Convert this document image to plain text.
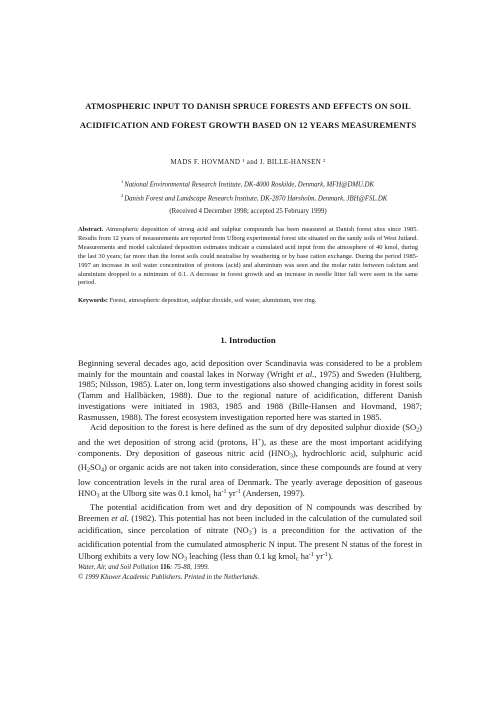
ATMOSPHERIC INPUT TO DANISH SPRUCE FORESTS AND EFFECTS ON SOIL ACIDIFICATION AND FOREST GROWTH BASED ON 12 YEARS MEASUREMENTS
MADS F. HOVMAND ¹ and J. BILLE-HANSEN ²
$^1$National Environmental Research Institute, DK-4000 Roskilde, Denmark, MFH@DMU.DK
$^2$Danish Forest and Landscape Research Institute, DK-2870 Hørsholm, Denmark, JBH@FSL.DK
(Received 4 December 1998; accepted 25 February 1999)
Abstract. Atmospheric deposition of strong acid and sulphur compounds has been measured at Danish forest sites since 1985. Results from 12 years of measurements are reported from Ulborg experimental forest site situated on the sandy soils of West Jutland. Measurements and model calculated deposition estimates indicate a cumulated acid input from the atmosphere of 40 kmol, during the last 30 years; far more than the forest soils could neutralise by weathering or by base cation exchange. During the period 1985-1997 an increase in soil water concentration of protons (acid) and aluminium was seen and the molar ratio between calcium and aluminium dropped to a minimum of 0.1. A decrease in forest growth and an increase in needle litter fall were seen in the same period.
Keywords: Forest, atmospheric deposition, sulphur dioxide, soil water, aluminium, tree ring.
1. Introduction

Beginning several decades ago, acid deposition over Scandinavia was considered to be a problem mainly for the mountain and coastal lakes in Norway (Wright et al., 1975) and Sweden (Hultberg, 1985; Nilsson, 1985). Later on, long term investigations also showed changing acidity in forest soils (Tamm and Hallbäcken, 1988). Due to the regional nature of acidification, different Danish investigations were initiated in 1983, 1985 and 1988 (Bille-Hansen and Hovmand, 1987; Rasmussen, 1988). The forest ecosystem investigation reported here was started in 1985.

Acid deposition to the forest is here defined as the sum of dry deposited sulphur dioxide (SO2) and the wet deposition of strong acid (protons, H+), as these are the most important acidifying components. Dry deposition of gaseous nitric acid (HNO3), hydrochloric acid, sulphuric acid (H2SO4) or organic acids are not taken into consideration, since these compounds are found at very low concentration levels in the rural area of Denmark. The yearly average deposition of gaseous HNO3 at the Ulborg site was 0.1 kmolc $ha^{-1}$ $yr^{-1}$ (Andersen, 1997).

The potential acidification from wet and dry deposition of N compounds was described by Breemen et al. (1982). This potential has not been included in the calculation of the cumulated soil acidification, since percolation of nitrate (NO3-) is a precondition for the activation of the acidification potential from the cumulated atmospheric N input. The present N status of the forest in Ulborg exhibits a very low NO3 leaching (less than 0.1 kg kmolc $ha^{-1}$ $yr^{-1}$).

Water, Air, and Soil Pollution 116: 75-88, 1999.
© 1999 Kluwer Academic Publishers. Printed in the Netherlands.
